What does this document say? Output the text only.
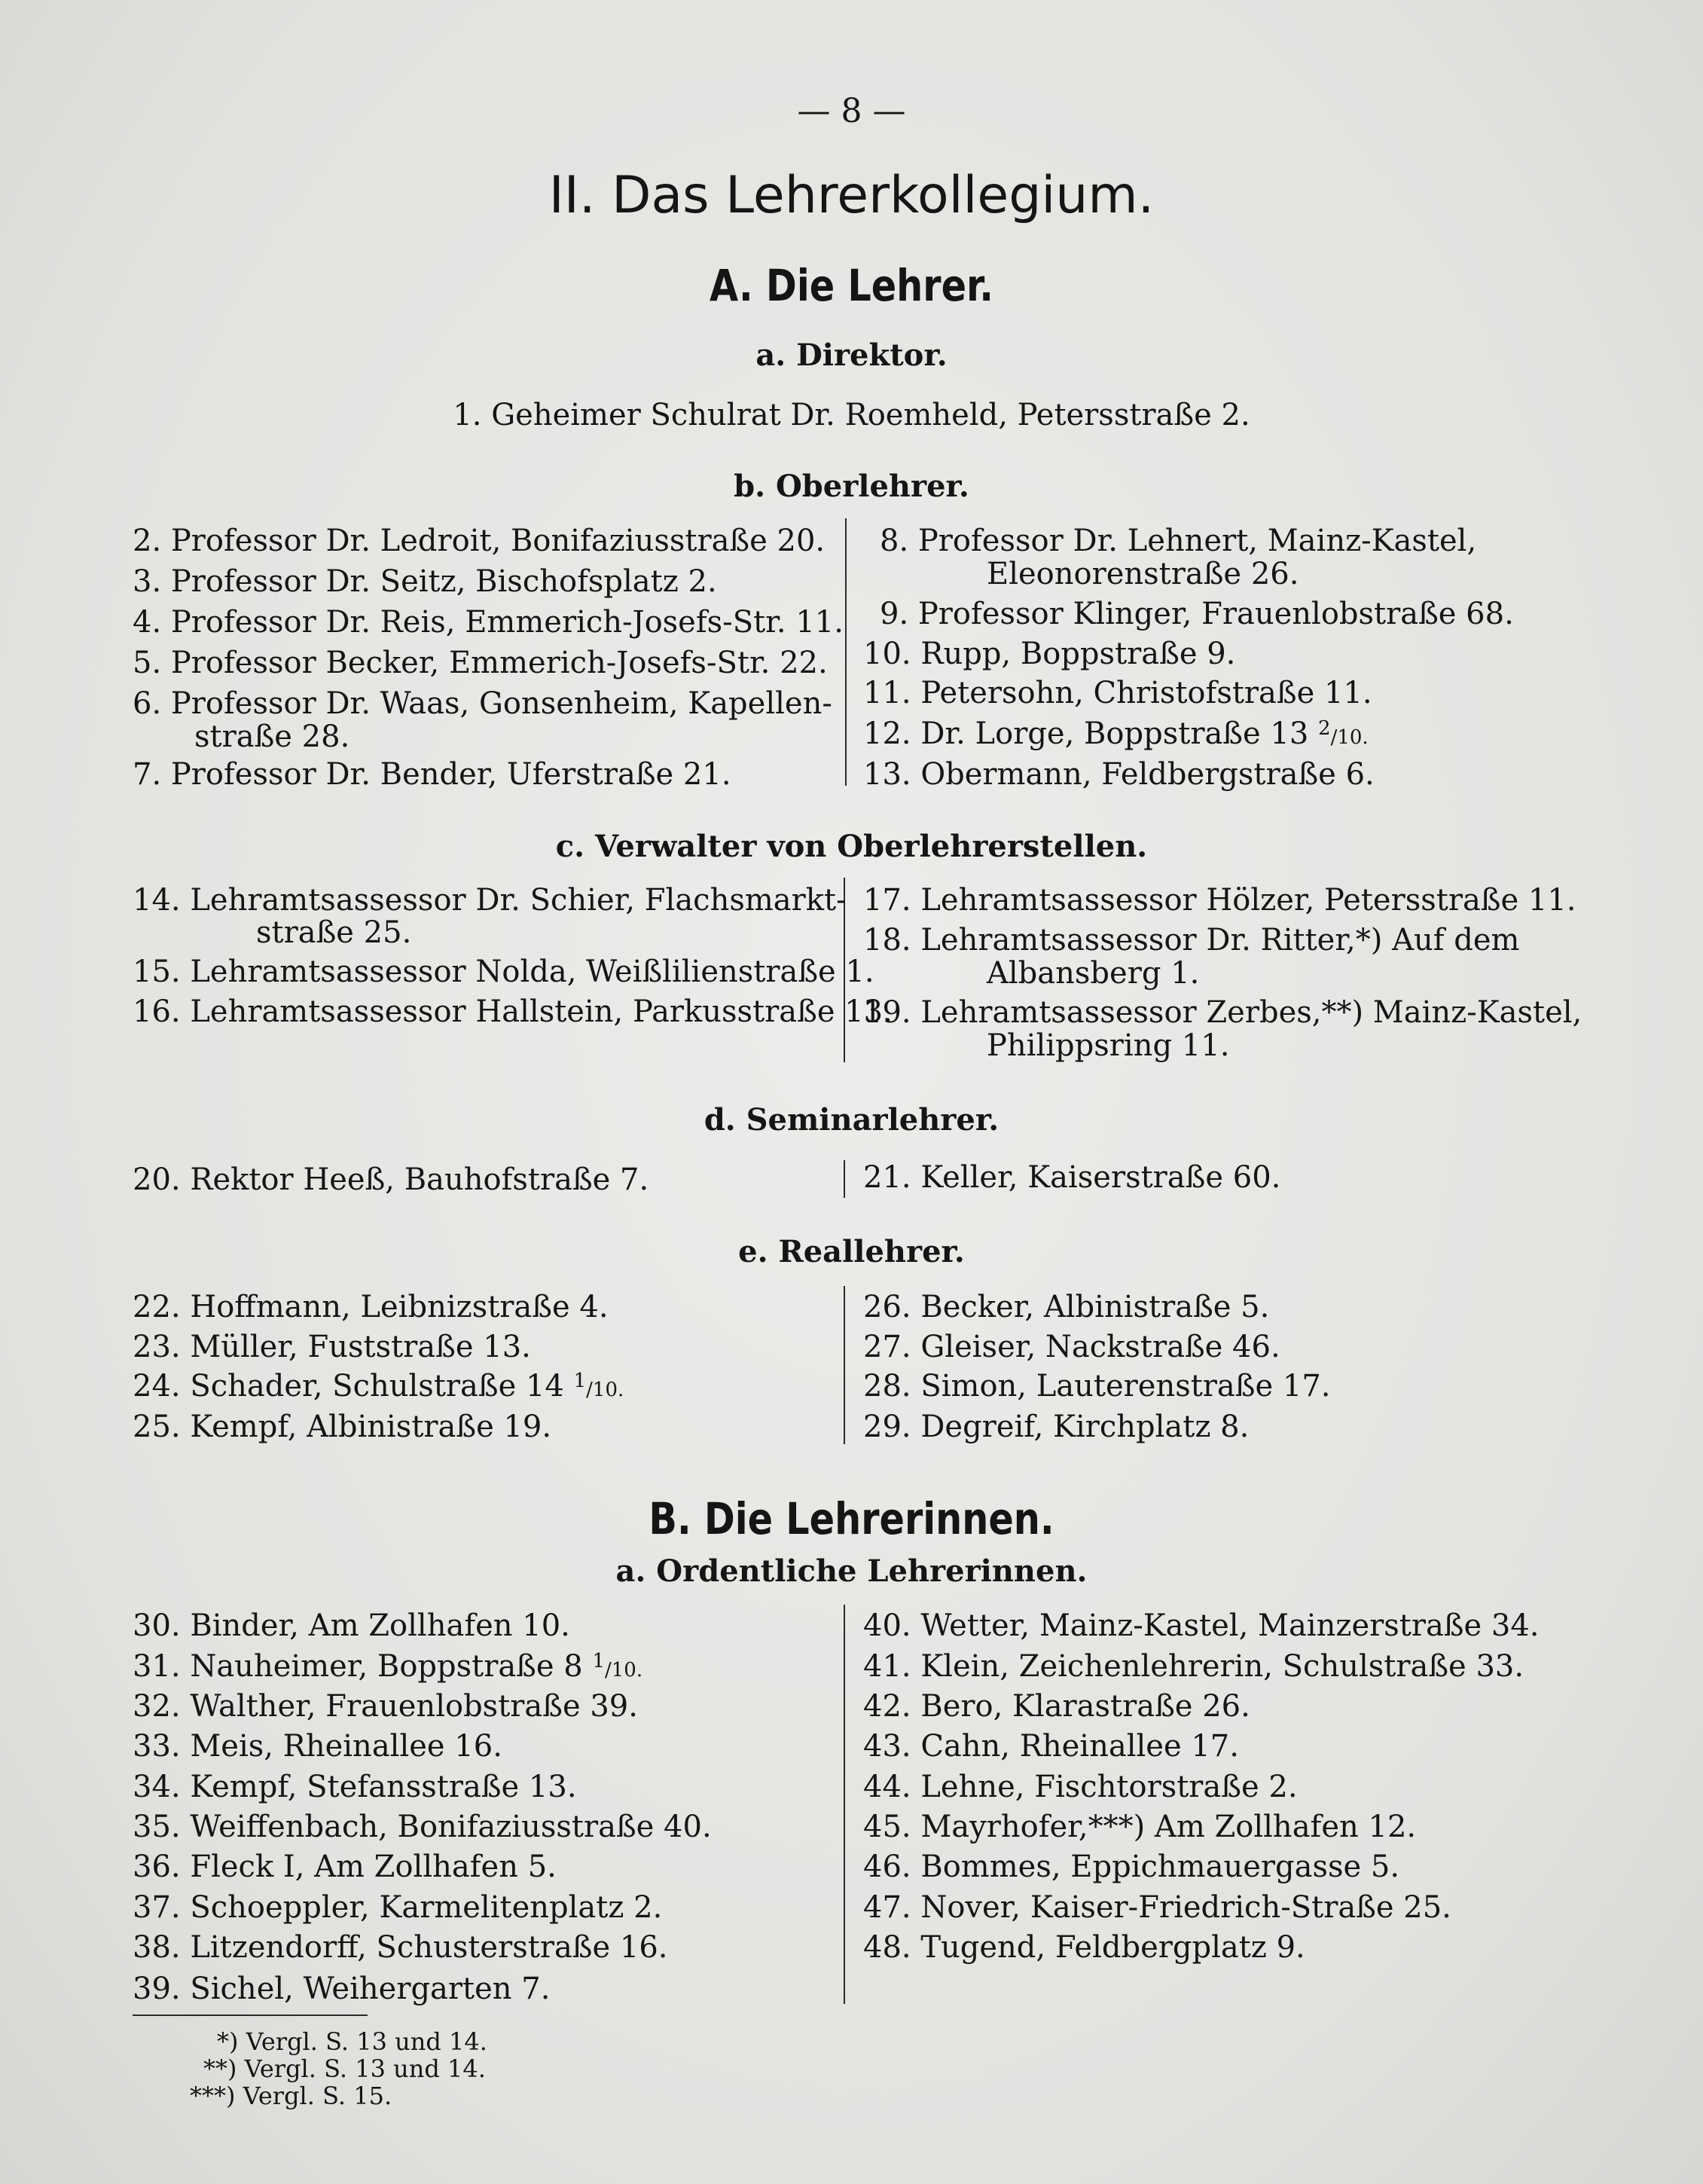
— 8 —
II. Das Lehrerkollegium.
A. Die Lehrer.
a. Direktor.
1. Geheimer Schulrat Dr. Roemheld, Petersstraße 2.
b. Oberlehrer.
2. Professor Dr. Ledroit, Bonifaziusstraße 20.
3. Professor Dr. Seitz, Bischofsplatz 2.
4. Professor Dr. Reis, Emmerich-Josefs-Str. 11.
5. Professor Becker, Emmerich-Josefs-Str. 22.
6. Professor Dr. Waas, Gonsenheim, Kapellen-
straße 28.
7. Professor Dr. Bender, Uferstraße 21.
8. Professor Dr. Lehnert, Mainz-Kastel,
Eleonorenstraße 26.
9. Professor Klinger, Frauenlobstraße 68.
10. Rupp, Boppstraße 9.
11. Petersohn, Christofstraße 11.
12. Dr. Lorge, Boppstraße 13 $^2$/10.
13. Obermann, Feldbergstraße 6.
c. Verwalter von Oberlehrerstellen.
14. Lehramtsassessor Dr. Schier, Flachsmarkt-
straße 25.
15. Lehramtsassessor Nolda, Weißlilienstraße 1.
16. Lehramtsassessor Hallstein, Parkusstraße 13.
17. Lehramtsassessor Hölzer, Petersstraße 11.
18. Lehramtsassessor Dr. Ritter,*) Auf dem
Albansberg 1.
19. Lehramtsassessor Zerbes,**) Mainz-Kastel,
Philippsring 11.
d. Seminarlehrer.
20. Rektor Heeß, Bauhofstraße 7.	21. Keller, Kaiserstraße 60.
e. Reallehrer.
22. Hoffmann, Leibnizstraße 4.
23. Müller, Fuststraße 13.
24. Schader, Schulstraße 14 $^1$/10.
25. Kempf, Albinistraße 19.
26. Becker, Albinistraße 5.
27. Gleiser, Nackstraße 46.
28. Simon, Lauterenstraße 17.
29. Degreif, Kirchplatz 8.
B. Die Lehrerinnen.
a. Ordentliche Lehrerinnen.
30. Binder, Am Zollhafen 10.
31. Nauheimer, Boppstraße 8 $^1$/10.
32. Walther, Frauenlobstraße 39.
33. Meis, Rheinallee 16.
34. Kempf, Stefansstraße 13.
35. Weiffenbach, Bonifaziusstraße 40.
36. Fleck I, Am Zollhafen 5.
37. Schoeppler, Karmelitenplatz 2.
38. Litzendorff, Schusterstraße 16.
39. Sichel, Weihergarten 7.
40. Wetter, Mainz-Kastel, Mainzerstraße 34.
41. Klein, Zeichenlehrerin, Schulstraße 33.
42. Bero, Klarastraße 26.
43. Cahn, Rheinallee 17.
44. Lehne, Fischtorstraße 2.
45. Mayrhofer,***) Am Zollhafen 12.
46. Bommes, Eppichmauergasse 5.
47. Nover, Kaiser-Friedrich-Straße 25.
48. Tugend, Feldbergplatz 9.
*) Vergl. S. 13 und 14.
**) Vergl. S. 13 und 14.
***) Vergl. S. 15.
